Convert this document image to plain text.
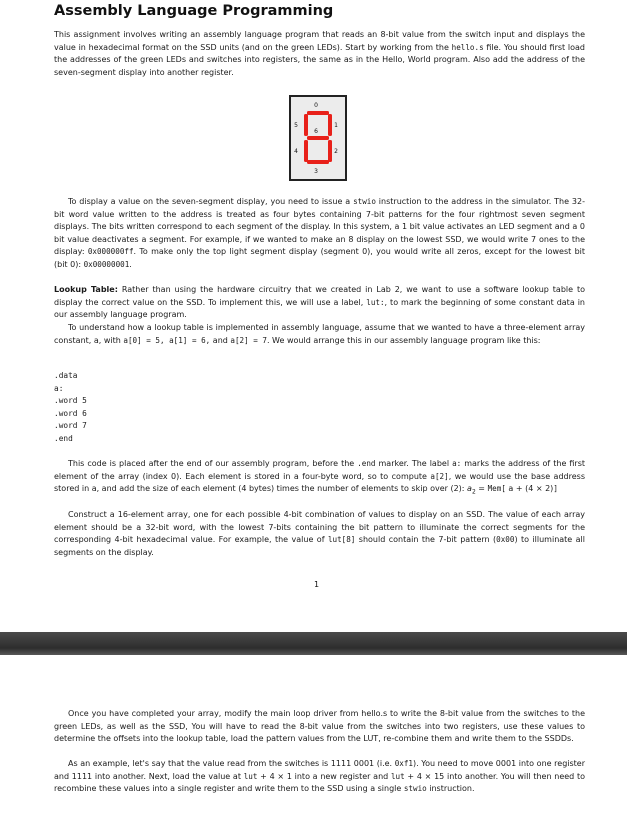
Assembly Language Programming

This assignment involves writing an assembly language program that reads an 8-bit value from the switch input and displays the value in hexadecimal format on the SSD units (and on the green LEDs). Start by working from the hello.s file. You should first load the addresses of the green LEDs and switches into registers, the same as in the Hello, World program. Also add the address of the seven-segment display into another register.

0
1
2
3
4
5
6

To display a value on the seven-segment display, you need to issue a stwio instruction to the address in the simulator. The 32-bit word value written to the address is treated as four bytes containing 7-bit patterns for the four rightmost seven segment displays. The bits written correspond to each segment of the display. In this system, a 1 bit value activates an LED segment and a 0 bit value deactivates a segment. For example, if we wanted to make an 8 display on the lowest SSD, we would write 7 ones to the display: 0x000000ff. To make only the top light segment display (segment 0), you would write all zeros, except for the lowest bit (bit 0): 0x00000001.

Lookup Table: Rather than using the hardware circuitry that we created in Lab 2, we want to use a software lookup table to display the correct value on the SSD. To implement this, we will use a label, lut:, to mark the beginning of some constant data in our assembly language program.

To understand how a lookup table is implemented in assembly language, assume that we wanted to have a three-element array constant, a, with a[0] = 5, a[1] = 6, and a[2] = 7. We would arrange this in our assembly language program like this:

.data
a:
.word 5
.word 6
.word 7
.end

This code is placed after the end of our assembly program, before the .end marker. The label a: marks the address of the first element of the array (index 0). Each element is stored in a four-byte word, so to compute a[2], we would use the base address stored in a, and add the size of each element (4 bytes) times the number of elements to skip over (2): $a_2 = Mem$[ a + (4 × 2)]

Construct a 16-element array, one for each possible 4-bit combination of values to display on an SSD. The value of each array element should be a 32-bit word, with the lowest 7-bits containing the bit pattern to illuminate the correct segments for the corresponding 4-bit hexadecimal value. For example, the value of lut[8] should contain the 7-bit pattern (0x00) to illuminate all segments on the display.

1

Once you have completed your array, modify the main loop driver from hello.s to write the 8-bit value from the switches to the green LEDs, as well as the SSD, You will have to read the 8-bit value from the switches into two registers, use these values to determine the offsets into the lookup table, load the pattern values from the LUT, re-combine them and write them to the SSDDs.

As an example, let's say that the value read from the switches is 1111 0001 (i.e. 0xf1). You need to move 0001 into one register and 1111 into another. Next, load the value at lut + 4 × 1 into a new register and lut + 4 × 15 into another. You will then need to recombine these values into a single register and write them to the SSD using a single stwio instruction.
